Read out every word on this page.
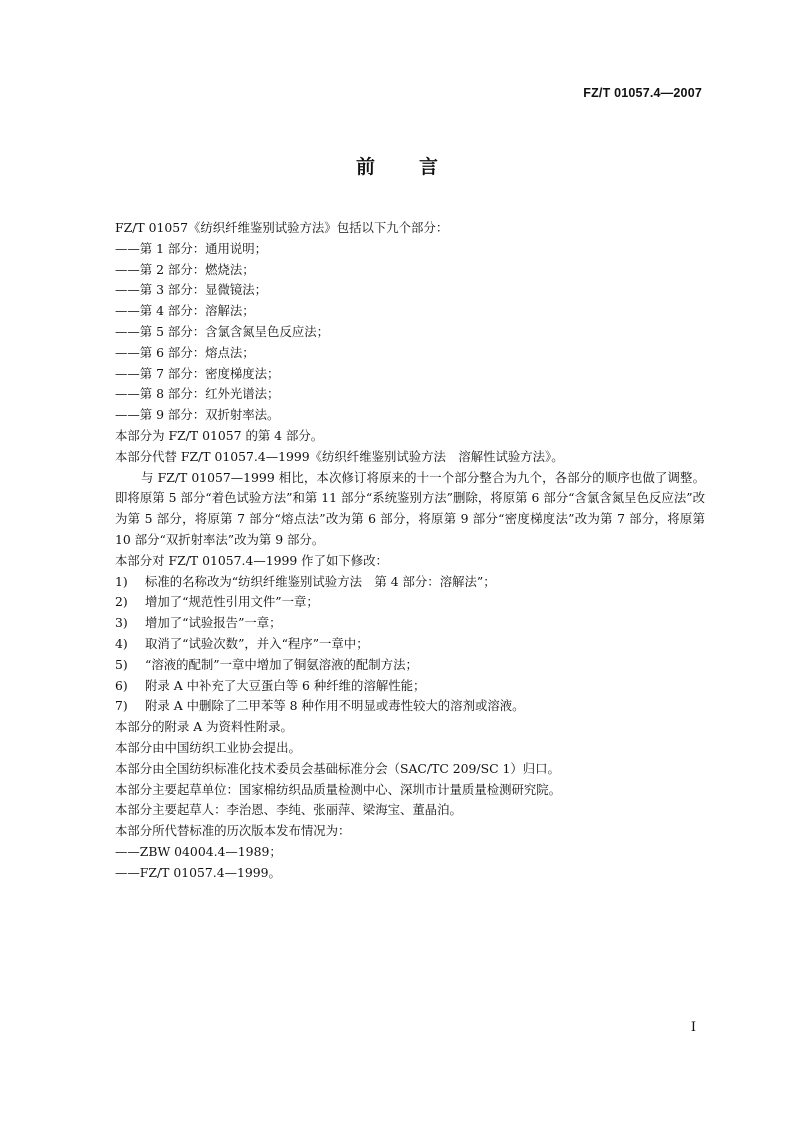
FZ/T 01057.4—2007
前 言

FZ/T 01057《纺织纤维鉴别试验方法》包括以下九个部分：

——第 1 部分：通用说明；

——第 2 部分：燃烧法；

——第 3 部分：显微镜法；

——第 4 部分：溶解法；

——第 5 部分：含氯含氮呈色反应法；

——第 6 部分：熔点法；

——第 7 部分：密度梯度法；

——第 8 部分：红外光谱法；

——第 9 部分：双折射率法。

本部分为 FZ/T 01057 的第 4 部分。

本部分代替 FZ/T 01057.4—1999《纺织纤维鉴别试验方法　溶解性试验方法》。

与 FZ/T 01057—1999 相比，本次修订将原来的十一个部分整合为九个，各部分的顺序也做了调整。即将原第 5 部分“着色试验方法”和第 11 部分“系统鉴别方法”删除，将原第 6 部分“含氯含氮呈色反应法”改为第 5 部分，将原第 7 部分“熔点法”改为第 6 部分，将原第 9 部分“密度梯度法”改为第 7 部分，将原第 10 部分“双折射率法”改为第 9 部分。

本部分对 FZ/T 01057.4—1999 作了如下修改：

1) 标准的名称改为“纺织纤维鉴别试验方法　第 4 部分：溶解法”；

2) 增加了“规范性引用文件”一章；

3) 增加了“试验报告”一章；

4) 取消了“试验次数”，并入“程序”一章中；

5) “溶液的配制”一章中增加了铜氨溶液的配制方法；

6) 附录 A 中补充了大豆蛋白等 6 种纤维的溶解性能；

7) 附录 A 中删除了二甲苯等 8 种作用不明显或毒性较大的溶剂或溶液。

本部分的附录 A 为资料性附录。

本部分由中国纺织工业协会提出。

本部分由全国纺织标准化技术委员会基础标准分会（SAC/TC 209/SC 1）归口。

本部分主要起草单位：国家棉纺织品质量检测中心、深圳市计量质量检测研究院。

本部分主要起草人：李治恩、李纯、张丽萍、梁海宝、董晶泊。

本部分所代替标准的历次版本发布情况为：

——ZBW 04004.4—1989；

——FZ/T 01057.4—1999。

I
